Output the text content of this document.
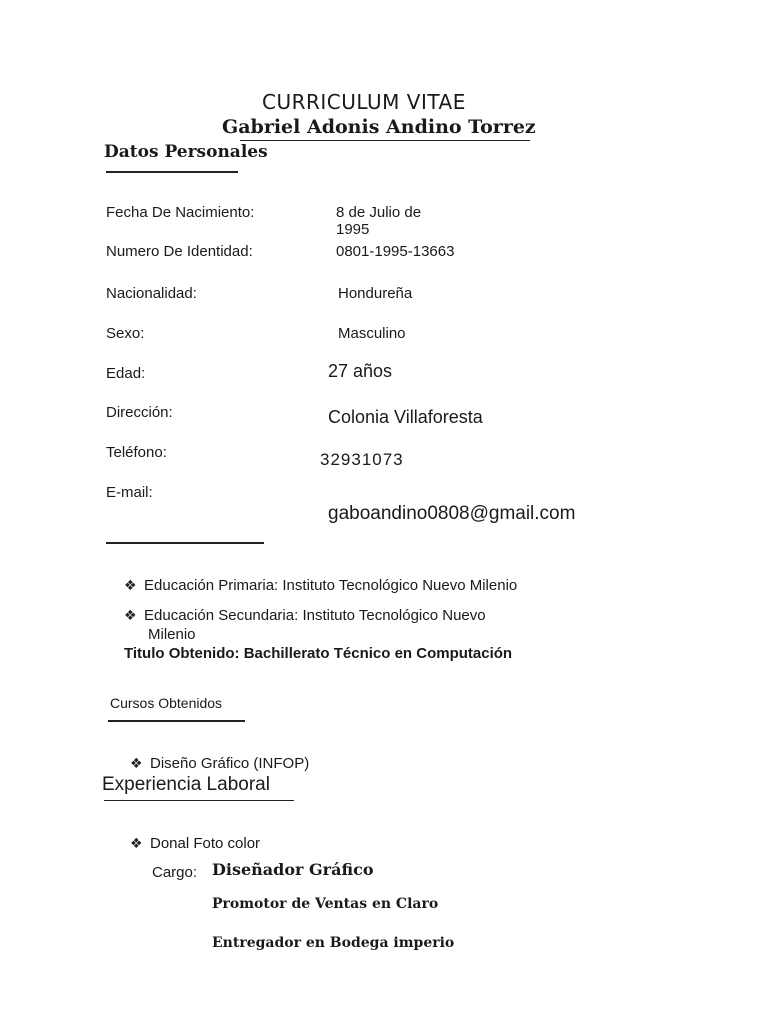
CURRICULUM VITAE
Gabriel Adonis Andino Torrez
Datos Personales
Fecha De Nacimiento:	8 de Julio de
1995
Numero De Identidad:	0801-1995-13663
Nacionalidad:	Hondureña
Sexo:	Masculino
Edad:	27 años
Dirección:	Colonia Villaforesta
Teléfono:	32931073
E-mail:
gaboandino0808@gmail.com
❖ Educación Primaria: Instituto Tecnológico Nuevo Milenio
❖ Educación Secundaria: Instituto Tecnológico Nuevo
Milenio
Titulo Obtenido: Bachillerato Técnico en Computación
Cursos Obtenidos
❖ Diseño Gráfico (INFOP)
Experiencia Laboral
❖ Donal Foto color
Cargo: Diseñador Gráfico
Promotor de Ventas en Claro
Entregador en Bodega imperio
